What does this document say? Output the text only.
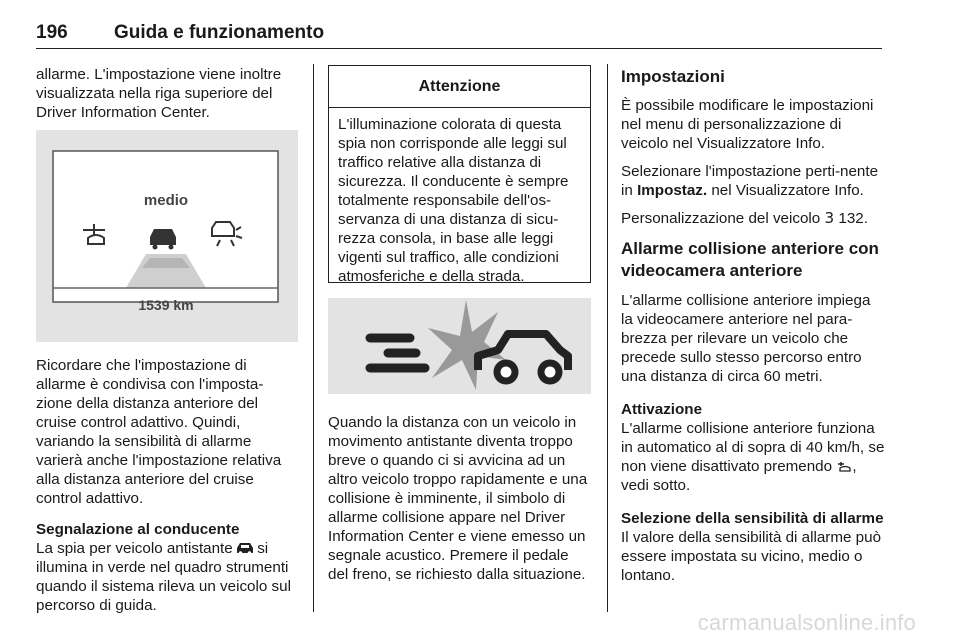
196 Guida e funzionamento

allarme. L'impostazione viene inoltre visualizzata nella riga superiore del Driver Information Center.

medio
1539 km

Ricordare che l'impostazione di allarme è condivisa con l'imposta-zione della distanza anteriore del cruise control adattivo. Quindi, variando la sensibilità di allarme varierà anche l'impostazione relativa alla distanza anteriore del cruise control adattivo.

Segnalazione al conducente

La spia per veicolo antistante si illumina in verde nel quadro strumenti quando il sistema rileva un veicolo sul percorso di guida.

Attenzione
L'illuminazione colorata di questa spia non corrisponde alle leggi sul traffico relative alla distanza di sicurezza. Il conducente è sempre totalmente responsabile dell'os-servanza di una distanza di sicu-rezza consola, in base alle leggi vigenti sul traffico, alle condizioni atmosferiche e della strada.

Quando la distanza con un veicolo in movimento antistante diventa troppo breve o quando ci si avvicina ad un altro veicolo troppo rapidamente e una collisione è imminente, il simbolo di allarme collisione appare nel Driver Information Center e viene emesso un segnale acustico. Premere il pedale del freno, se richiesto dalla situazione.

Impostazioni

È possibile modificare le impostazioni nel menu di personalizzazione di veicolo nel Visualizzatore Info.

Selezionare l'impostazione perti-nente in Impostaz. nel Visualizzatore Info.

Personalizzazione del veicolo 3 132.

Allarme collisione anteriore con videocamera anteriore

L'allarme collisione anteriore impiega la videocamere anteriore nel para-brezza per rilevare un veicolo che precede sullo stesso percorso entro una distanza di circa 60 metri.

Attivazione

L'allarme collisione anteriore funziona in automatico al di sopra di 40 km/h, se non viene disattivato premendo , vedi sotto.

Selezione della sensibilità di allarme

Il valore della sensibilità di allarme può essere impostata su vicino, medio o lontano.

carmanualsonline.info
